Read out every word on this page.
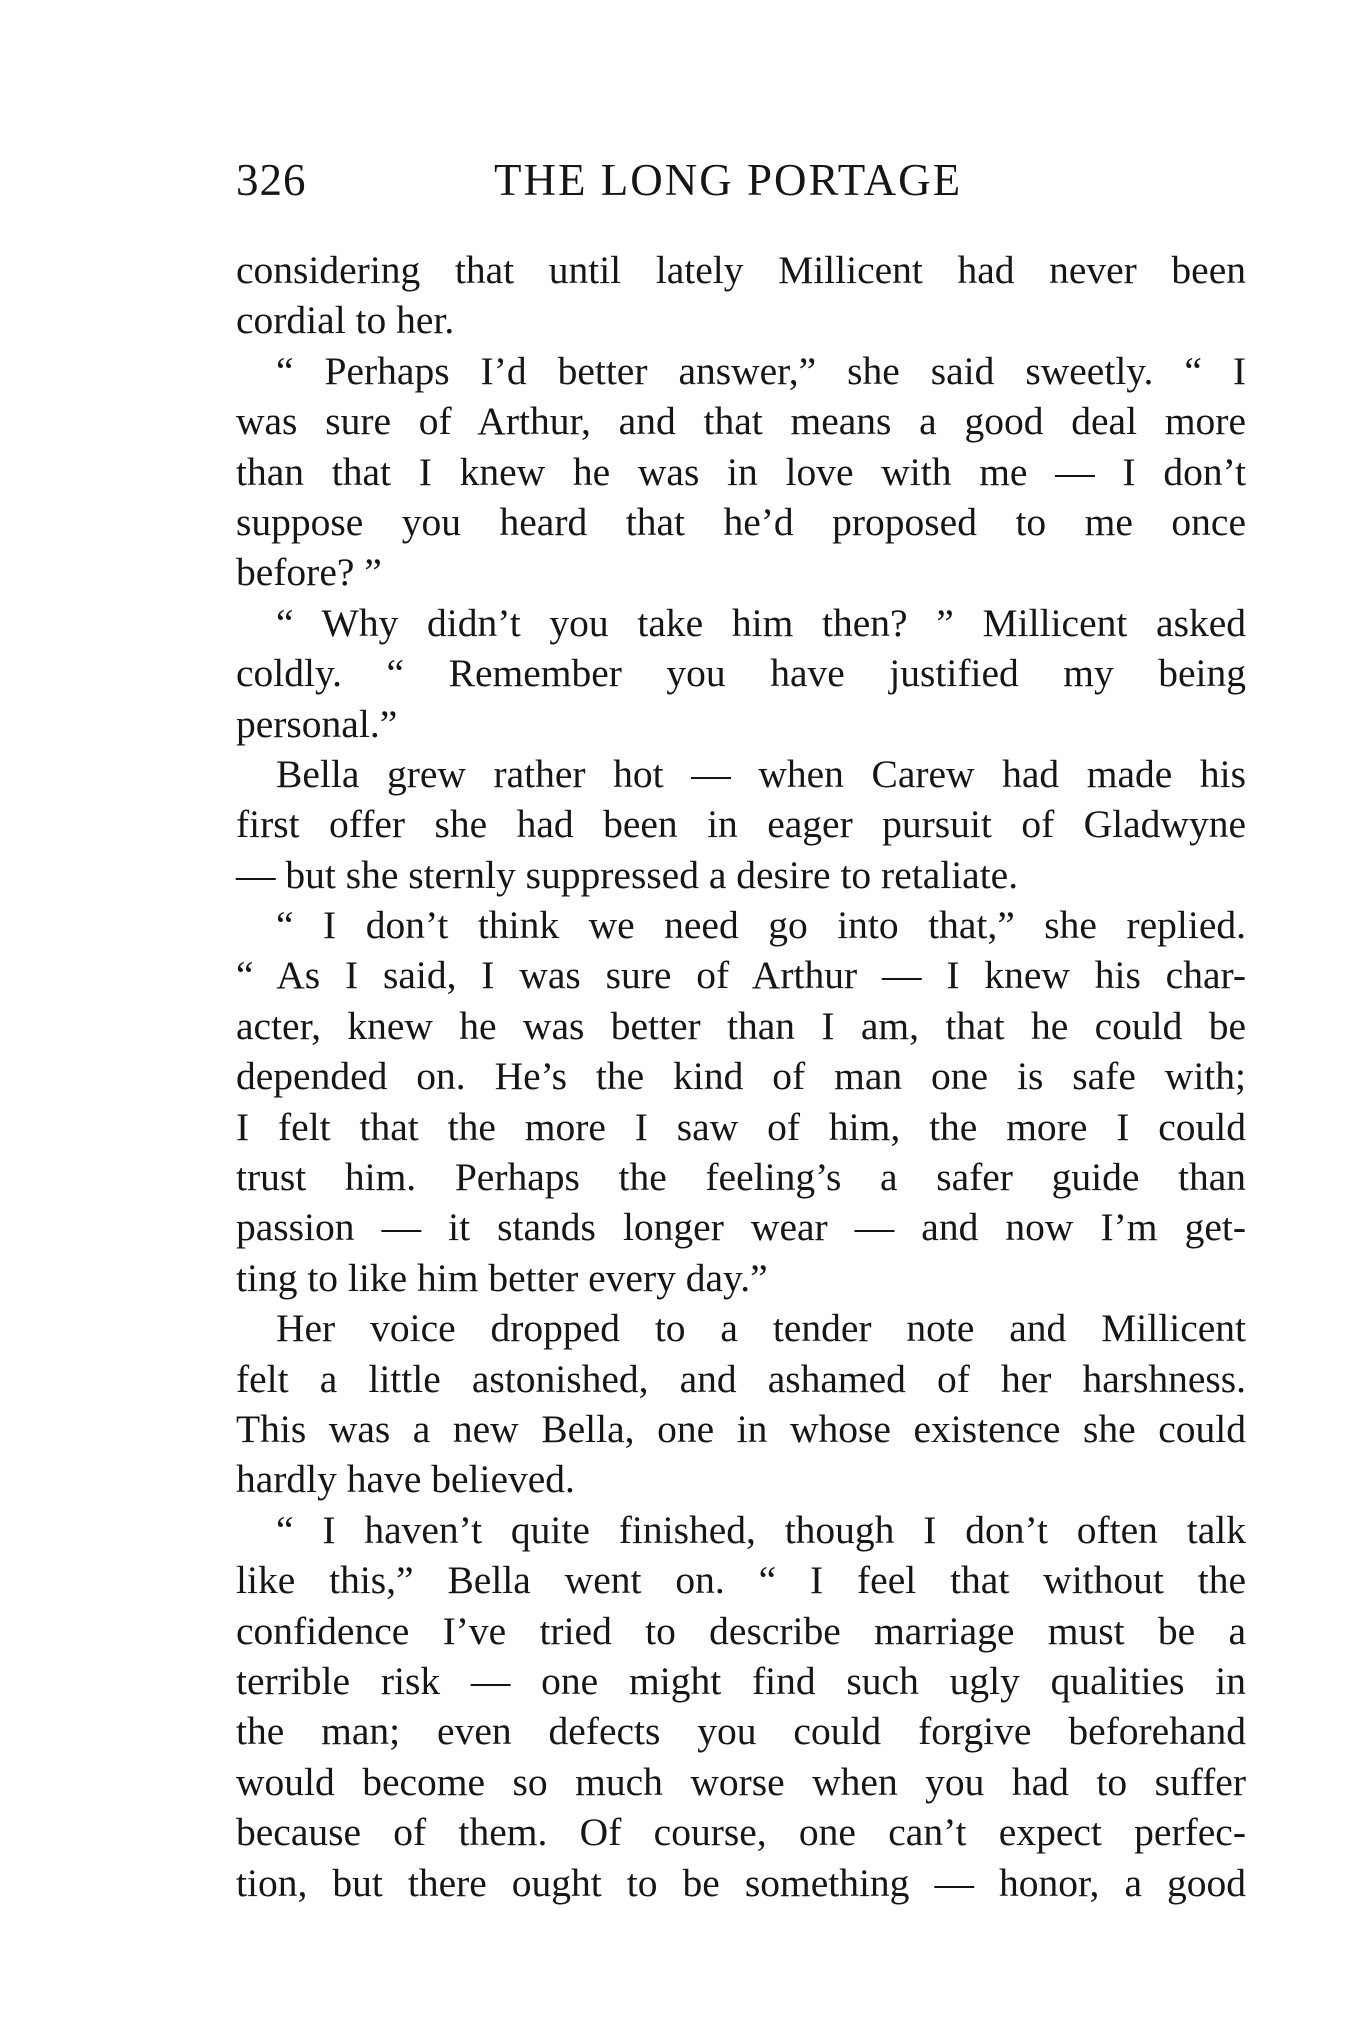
326	THE LONG PORTAGE
considering that until lately Millicent had never been
cordial to her.
“ Perhaps I’d better answer,” she said sweetly. “ I
was sure of Arthur, and that means a good deal more
than that I knew he was in love with me — I don’t
suppose you heard that he’d proposed to me once
before? ”
“ Why didn’t you take him then? ” Millicent asked
coldly. “ Remember you have justified my being
personal.”
Bella grew rather hot — when Carew had made his
first offer she had been in eager pursuit of Gladwyne
— but she sternly suppressed a desire to retaliate.
“ I don’t think we need go into that,” she replied.
“ As I said, I was sure of Arthur — I knew his char-
acter, knew he was better than I am, that he could be
depended on. He’s the kind of man one is safe with;
I felt that the more I saw of him, the more I could
trust him. Perhaps the feeling’s a safer guide than
passion — it stands longer wear — and now I’m get-
ting to like him better every day.”
Her voice dropped to a tender note and Millicent
felt a little astonished, and ashamed of her harshness.
This was a new Bella, one in whose existence she could
hardly have believed.
“ I haven’t quite finished, though I don’t often talk
like this,” Bella went on. “ I feel that without the
confidence I’ve tried to describe marriage must be a
terrible risk — one might find such ugly qualities in
the man; even defects you could forgive beforehand
would become so much worse when you had to suffer
because of them. Of course, one can’t expect perfec-
tion, but there ought to be something — honor, a good
